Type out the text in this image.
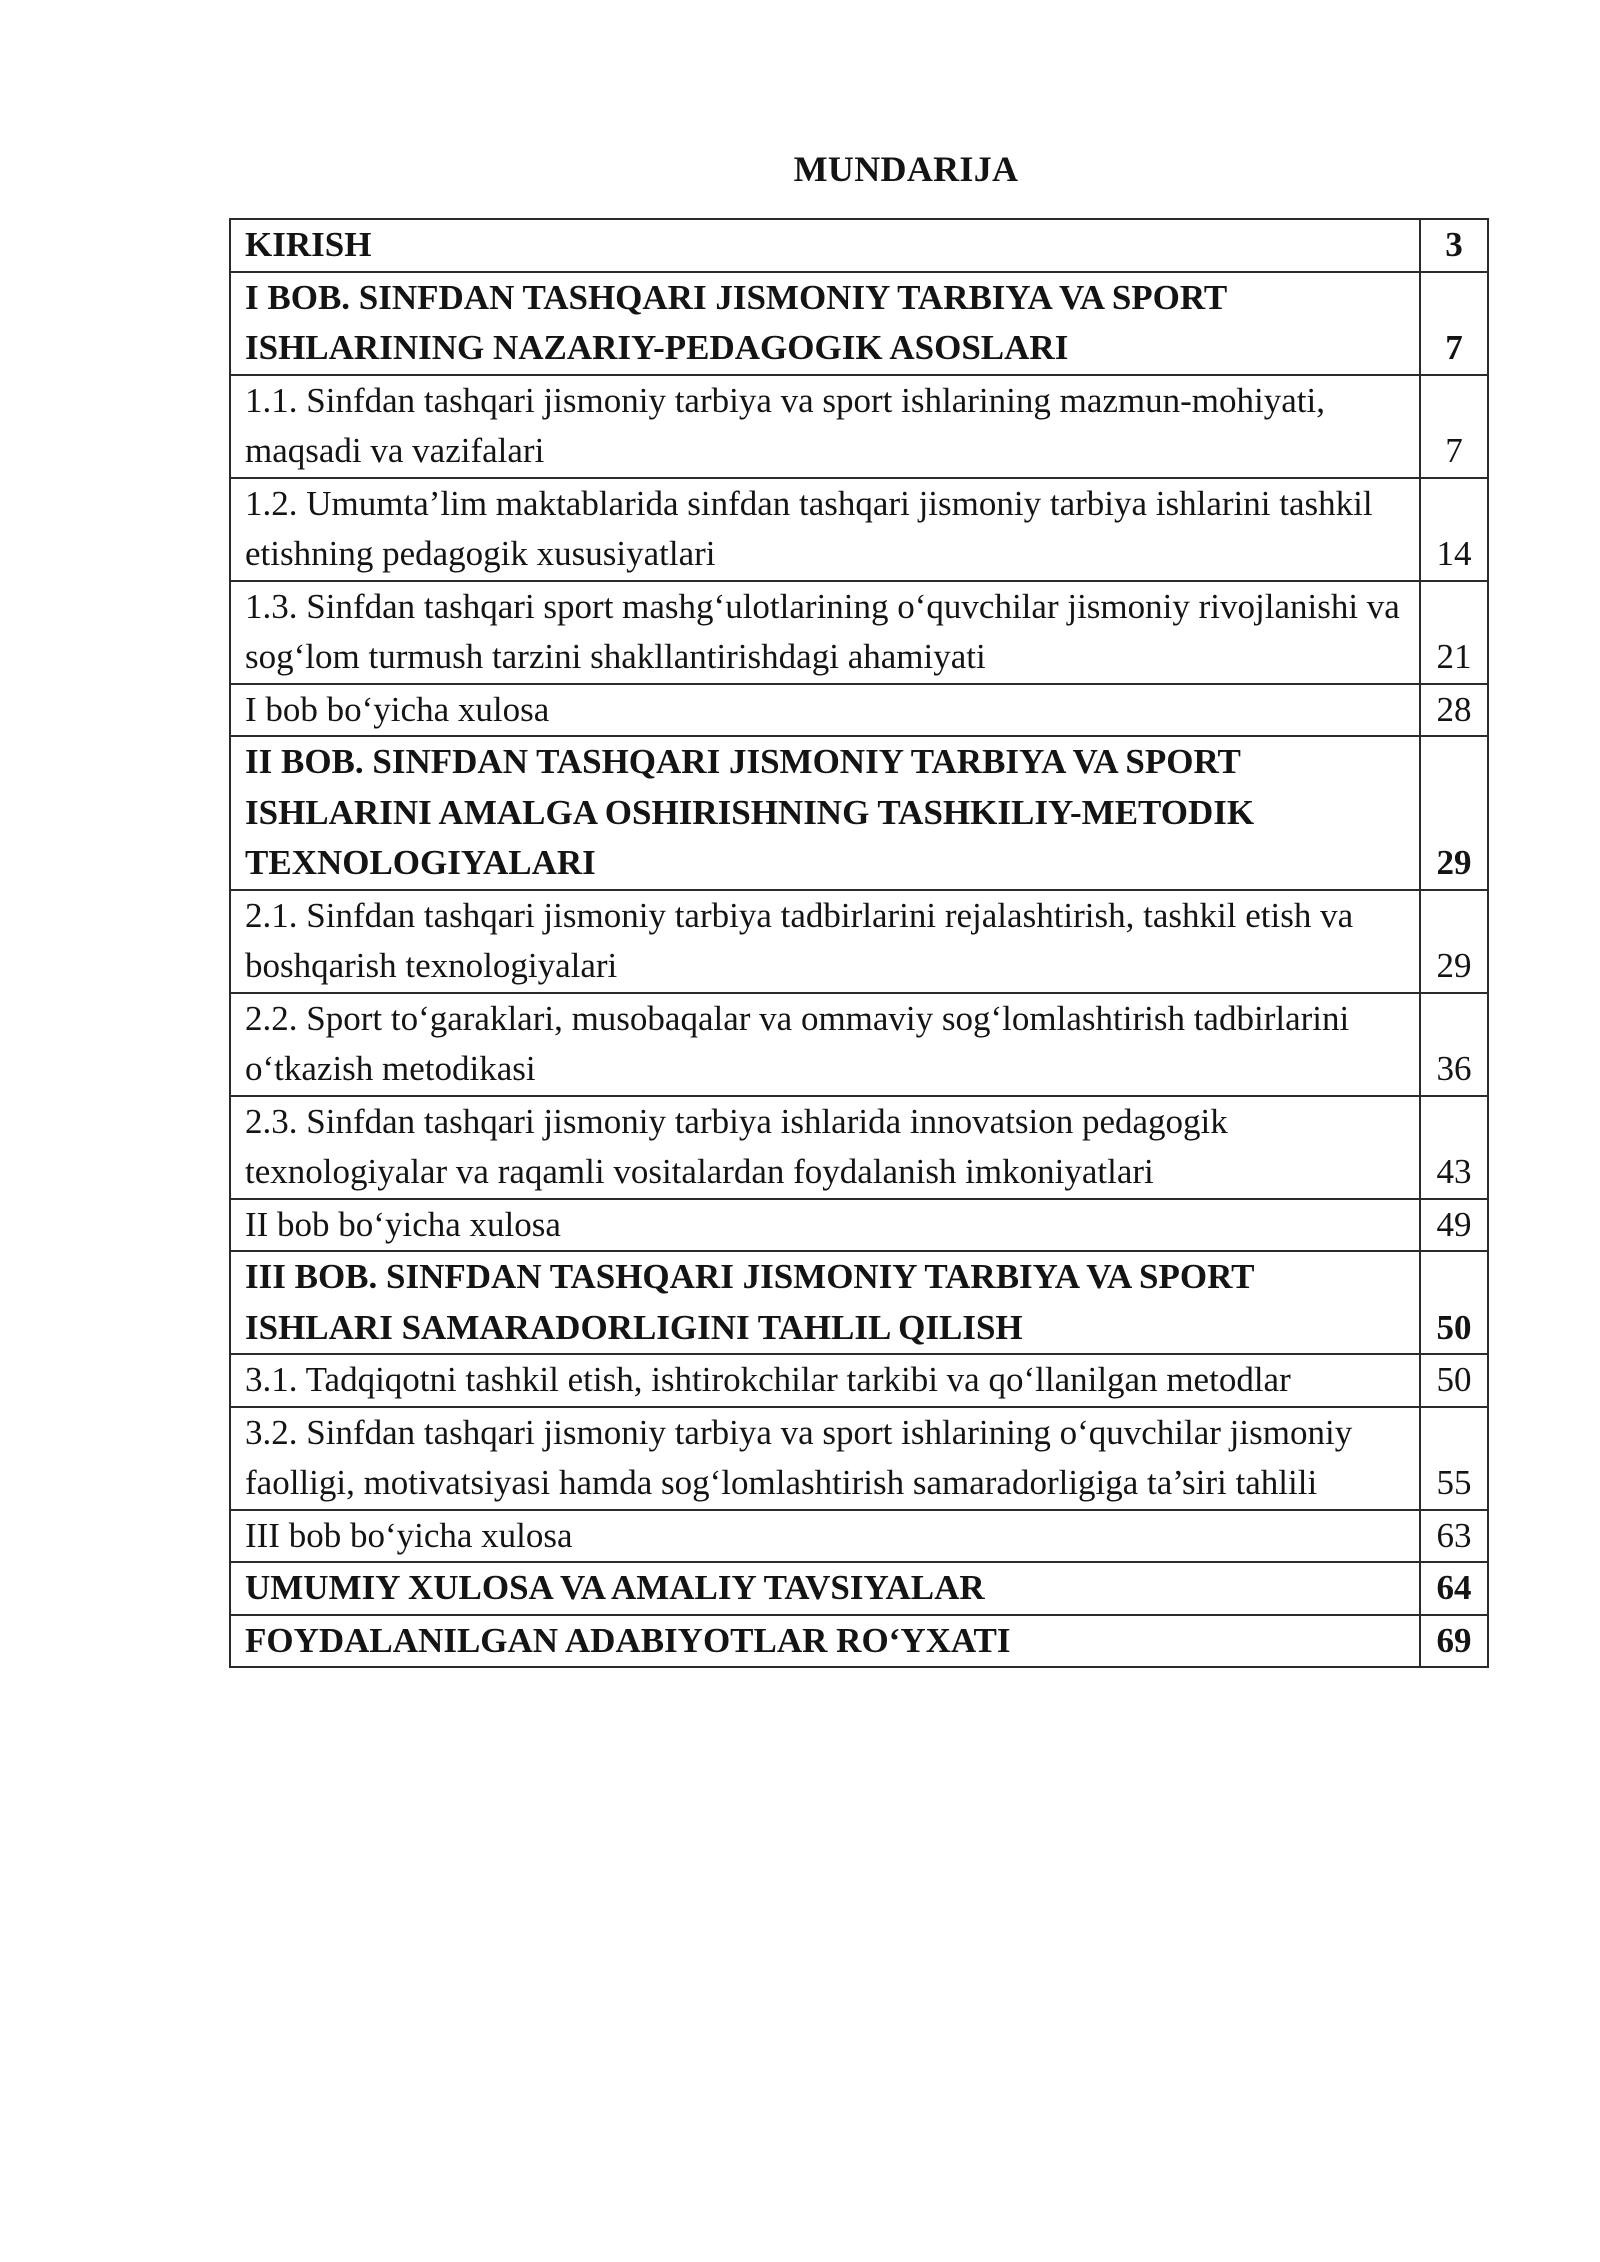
MUNDARIJA
KIRISH	3
I BOB. SINFDAN TASHQARI JISMONIY TARBIYA VA SPORT ISHLARINING NAZARIY-PEDAGOGIK ASOSLARI	7
1.1. Sinfdan tashqari jismoniy tarbiya va sport ishlarining mazmun-mohiyati, maqsadi va vazifalari	7
1.2. Umumta’lim maktablarida sinfdan tashqari jismoniy tarbiya ishlarini tashkil etishning pedagogik xususiyatlari	14
1.3. Sinfdan tashqari sport mashg‘ulotlarining o‘quvchilar jismoniy rivojlanishi va sog‘lom turmush tarzini shakllantirishdagi ahamiyati	21
I bob bo‘yicha xulosa	28
II BOB. SINFDAN TASHQARI JISMONIY TARBIYA VA SPORT ISHLARINI AMALGA OSHIRISHNING TASHKILIY-METODIK TEXNOLOGIYALARI	29
2.1. Sinfdan tashqari jismoniy tarbiya tadbirlarini rejalashtirish, tashkil etish va boshqarish texnologiyalari	29
2.2. Sport to‘garaklari, musobaqalar va ommaviy sog‘lomlashtirish tadbirlarini o‘tkazish metodikasi	36
2.3. Sinfdan tashqari jismoniy tarbiya ishlarida innovatsion pedagogik texnologiyalar va raqamli vositalardan foydalanish imkoniyatlari	43
II bob bo‘yicha xulosa	49
III BOB. SINFDAN TASHQARI JISMONIY TARBIYA VA SPORT ISHLARI SAMARADORLIGINI TAHLIL QILISH	50
3.1. Tadqiqotni tashkil etish, ishtirokchilar tarkibi va qo‘llanilgan metodlar	50
3.2. Sinfdan tashqari jismoniy tarbiya va sport ishlarining o‘quvchilar jismoniy faolligi, motivatsiyasi hamda sog‘lomlashtirish samaradorligiga ta’siri tahlili	55
III bob bo‘yicha xulosa	63
UMUMIY XULOSA VA AMALIY TAVSIYALAR	64
FOYDALANILGAN ADABIYOTLAR RO‘YXATI	69
